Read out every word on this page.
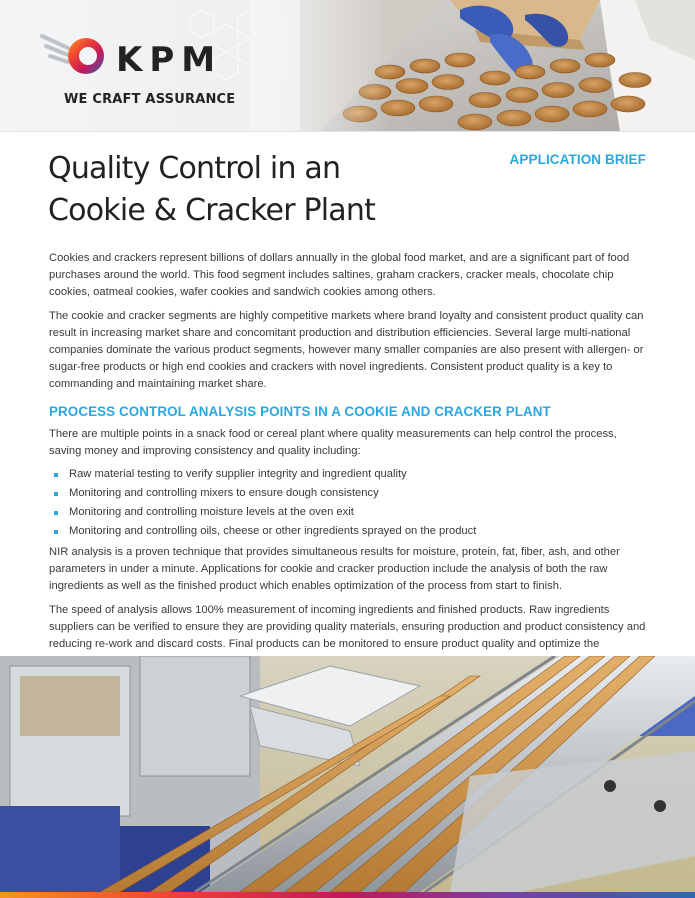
KPM
WE CRAFT ASSURANCE
Quality Control in an
Cookie & Cracker Plant
APPLICATION BRIEF

Cookies and crackers represent billions of dollars annually in the global food market, and are a significant part of food purchases around the world. This food segment includes saltines, graham crackers, cracker meals, chocolate chip cookies, oatmeal cookies, wafer cookies and sandwich cookies among others.

The cookie and cracker segments are highly competitive markets where brand loyalty and consistent product quality can result in increasing market share and concomitant production and distribution efficiencies. Several large multi-national companies dominate the various product segments, however many smaller companies are also present with allergen- or sugar-free products or high end cookies and crackers with novel ingredients. Consistent product quality is a key to commanding and maintaining market share.

PROCESS CONTROL ANALYSIS POINTS IN A COOKIE AND CRACKER PLANT

There are multiple points in a snack food or cereal plant where quality measurements can help control the process, saving money and improving consistency and quality including:

Raw material testing to verify supplier integrity and ingredient quality
Monitoring and controlling mixers to ensure dough consistency
Monitoring and controlling moisture levels at the oven exit
Monitoring and controlling oils, cheese or other ingredients sprayed on the product

NIR analysis is a proven technique that provides simultaneous results for moisture, protein, fat, fiber, ash, and other parameters in under a minute. Applications for cookie and cracker production include the analysis of both the raw ingredients as well as the finished product which enables optimization of the process from start to finish.

The speed of analysis allows 100% measurement of incoming ingredients and finished products. Raw ingredients suppliers can be verified to ensure they are providing quality materials, ensuring production and product consistency and reducing re-work and discard costs. Final products can be monitored to ensure product quality and optimize the
